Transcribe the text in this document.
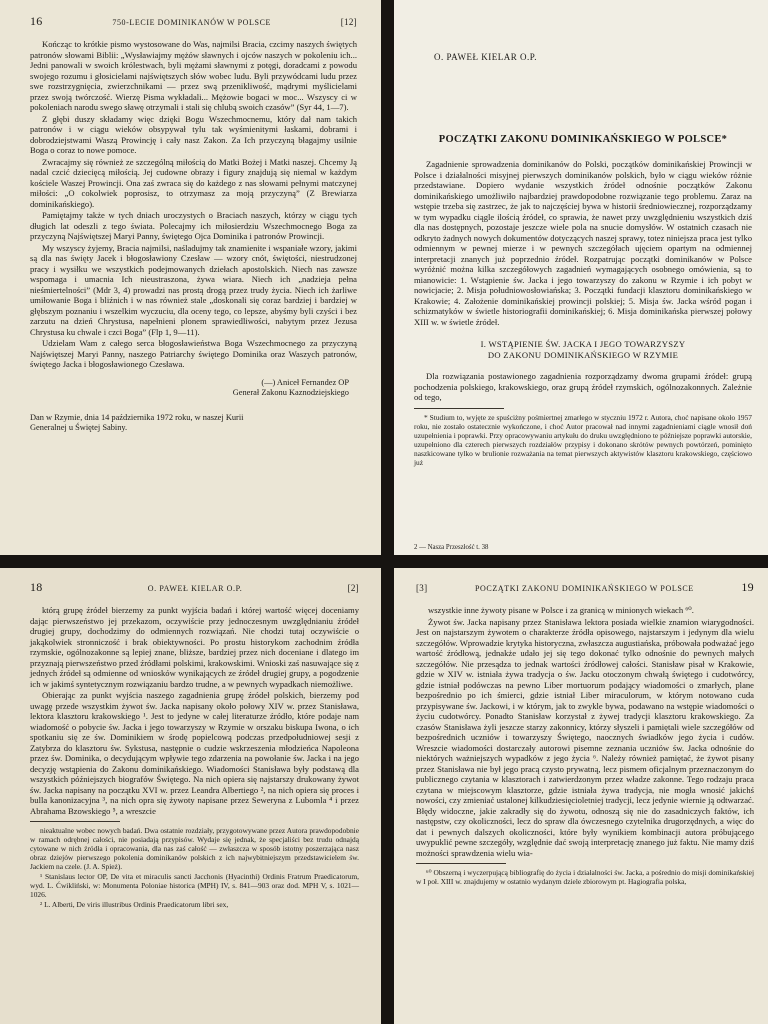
16	750-LECIE DOMINIKANÓW W POLSCE	[12]

Kończąc to krótkie pismo wystosowane do Was, najmilsi Bracia, czcimy naszych świętych patronów słowami Biblii: „Wysławiajmy mężów sławnych i ojców naszych w pokoleniu ich... Jedni panowali w swoich królestwach, byli mężami sławnymi z potęgi, doradcami z powodu swojego rozumu i głosicielami najświętszych słów wobec ludu. Byli przywódcami ludu przez swe rozstrzygnięcia, zwierzchnikami — przez swą przenikliwość, mądrymi myślicielami przez swoją twórczość. Wierzę Pisma wykładali... Mężowie bogaci w moc... Wszyscy ci w pokoleniach narodu swego sławę otrzymali i stali się chlubą swoich czasów” (Syr 44, 1—7).

Z głębi duszy składamy więc dzięki Bogu Wszechmocnemu, który dał nam takich patronów i w ciągu wieków obsypywał tylu tak wyśmienitymi łaskami, dobrami i dobrodziejstwami Waszą Prowincję i cały nasz Zakon. Za Ich przyczyną błagajmy usilnie Boga o coraz to nowe pomoce.

Zwracajmy się również ze szczególną miłością do Matki Bożej i Matki naszej. Chcemy Ją nadal czcić dziecięcą miłością. Jej cudowne obrazy i figury znajdują się niemal w każdym kościele Waszej Prowincji. Ona zaś zwraca się do każdego z nas słowami pełnymi matczynej miłości: „O cokolwiek poprosisz, to otrzymasz za moją przyczyną” (Z Brewiarza dominikańskiego).

Pamiętajmy także w tych dniach uroczystych o Braciach naszych, którzy w ciągu tych długich lat odeszli z tego świata. Polecajmy ich miłosierdziu Wszechmocnego Boga za przyczyną Najświętszej Maryi Panny, świętego Ojca Dominika i patronów Prowincji.

My wszyscy żyjemy, Bracia najmilsi, naśladujmy tak znamienite i wspaniałe wzory, jakimi są dla nas święty Jacek i błogosławiony Czesław — wzory cnót, świętości, niestrudzonej pracy i wysiłku we wszystkich podejmowanych dziełach apostolskich. Niech nas zawsze wspomaga i umacnia Ich nieustraszona, żywa wiara. Niech ich „nadzieja pełna nieśmiertelności” (Mdr 3, 4) prowadzi nas prostą drogą przez trudy życia. Niech ich żarliwe umiłowanie Boga i bliźnich i w nas również stale „doskonali się coraz bardziej i bardziej w głębszym poznaniu i wszelkim wyczuciu, dla oceny tego, co lepsze, abyśmy byli czyści i bez zarzutu na dzień Chrystusa, napełnieni plonem sprawiedliwości, nabytym przez Jezusa Chrystusa ku chwale i czci Boga” (Flp 1, 9—11).

Udzielam Wam z całego serca błogosławieństwa Boga Wszechmocnego za przyczyną Najświętszej Maryi Panny, naszego Patriarchy świętego Dominika oraz Waszych patronów, świętego Jacka i błogosławionego Czesława.

(—) Aniceł Fernandez OP
Generał Zakonu Kaznodziejskiego
Dan w Rzymie, dnia 14 października 1972 roku, w naszej Kurii Generalnej u Świętej Sabiny.
O. PAWEŁ KIELAR O.P.
POCZĄTKI ZAKONU DOMINIKAŃSKIEGO W POLSCE*

Zagadnienie sprowadzenia dominikanów do Polski, początków dominikańskiej Prowincji w Polsce i działalności misyjnej pierwszych dominikanów polskich, było w ciągu wieków różnie przedstawiane. Dopiero wydanie wszystkich źródeł odnośnie początków Zakonu dominikańskiego umożliwiło najbardziej prawdopodobne rozwiązanie tego problemu. Zaraz na wstępie trzeba się zastrzec, że jak to najczęściej bywa w historii średniowiecznej, rozporządzamy w tym wypadku ciągle ilością źródeł, co sprawia, że nawet przy uwzględnieniu wszystkich dziś dla nas dostępnych, pozostaje jeszcze wiele pola na snucie domysłów. W ostatnich czasach nie odkryto żadnych nowych dokumentów dotyczących naszej sprawy, totez niniejsza praca jest tylko odmiennym w pewnej mierze i w pewnych szczegółach ujęciem opartym na odmiennej interpretacji znanych już poprzednio źródeł. Rozpatrując początki dominikanów w Polsce wyróżnić można kilka szczegółowych zagadnień wymagających osobnego omówienia, są to mianowicie: 1. Wstąpienie św. Jacka i jego towarzyszy do zakonu w Rzymie i ich pobyt w nowicjacie; 2. Misja południowosłowiańska; 3. Początki fundacji klasztoru dominikańskiego w Krakowie; 4. Założenie dominikańskiej prowincji polskiej; 5. Misja św. Jacka wśród pogan i schizmatyków w świetle historiografii dominikańskiej; 6. Misja dominikańska pierwszej połowy XIII w. w świetle źródeł.

I. WSTĄPIENIE ŚW. JACKA I JEGO TOWARZYSZY
DO ZAKONU DOMINIKAŃSKIEGO W RZYMIE

Dla rozwiązania postawionego zagadnienia rozporządzamy dwoma grupami źródeł: grupą pochodzenia polskiego, krakowskiego, oraz grupą źródeł rzymskich, ogólnozakonnych. Zależnie od tego,

* Studium to, wyjęte ze spuściżny pośmiertnej zmarłego w styczniu 1972 r. Autora, choć napisane około 1957 roku, nie zostało ostatecznie wykończone, i choć Autor pracował nad innymi zagadnieniami ciągle wnosił doń uzupełnienia i poprawki. Przy opracowywaniu artykułu do druku uwzględniono te późniejsze poprawki autorskie, uzupełniono dla czterech pierwszych rozdziałów przypisy i dokonano skrótów pewnych powtórzeń, pominięto naszkicowane tylko w brulionie rozważania na temat pierwszych aktywistów klasztoru krakowskiego, częściowo już

2 — Nasza Przeszłość t. 38
18	O. PAWEŁ KIELAR O.P.	[2]

którą grupę źródeł bierzemy za punkt wyjścia badań i której wartość więcej doceniamy dając pierwszeństwo jej przekazom, oczywiście przy jednoczesnym uwzględnianiu źródeł drugiej grupy, dochodzimy do odmiennych rozwiązań. Nie chodzi tutaj oczywiście o jakąkolwiek stronniczość i brak obiektywności. Po prostu historykom zachodnim źródła rzymskie, ogólnozakonne są lepiej znane, bliższe, bardziej przez nich doceniane i dlatego im przyznają pierwszeństwo przed źródłami polskimi, krakowskimi. Wnioski zaś nasuwające się z jednych źródeł są odmienne od wniosków wynikających ze źródeł drugiej grupy, a pogodzenie ich w jakimś syntetycznym rozwiązaniu bardzo trudne, a w pewnych wypadkach niemożliwe.

Obierając za punkt wyjścia naszego zagadnienia grupę źródeł polskich, bierzemy pod uwagę przede wszystkim żywot św. Jacka napisany około połowy XIV w. przez Stanisława, lektora klasztoru krakowskiego ¹. Jest to jedyne w całej literaturze źródło, które podaje nam wiadomość o pobycie św. Jacka i jego towarzyszy w Rzymie w orszaku biskupa Iwona, o ich spotkaniu się ze św. Dominikiem w środę popielcową podczas przedpołudniowej sesji z Zatybrza do klasztoru św. Sykstusa, następnie o cudzie wskrzeszenia młodzieńca Napoleona przez św. Dominika, o decydującym wpływie tego zdarzenia na powołanie św. Jacka i na jego decyzję wstąpienia do Zakonu dominikańskiego. Wiadomości Stanisława były podstawą dla wszystkich późniejszych biografów Świętego. Na nich opiera się najstarszy drukowany żywot św. Jacka napisany na początku XVI w. przez Leandra Albertiego ², na nich opiera się proces i bulla kanonizacyjna ³, na nich opra się żywoty napisane przez Seweryna z Lubomla ⁴ i przez Abrahama Bzowskiego ⁵, a wreszcie

nieaktualne wobec nowych badań. Dwa ostatnie rozdziały, przygotowywane przez Autora prawdopodobnie w ramach odrębnej całości, nie posiadają przypisów. Wydaje się jednak, że specjaliści bez trudu odnajdą cytowane w nich źródła i opracowania, dla nas zaś całość — zwłaszcza w sposób istotny poszerzająca nasz obraz dziejów pierwszego pokolenia dominikanów polskich z ich najwybitniejszym przedstawicielem św. Jackiem na czele. (J. A. Spież).

¹ Stanislaus lector OP, De vita et miraculis sancti Jacchonis (Hyacinthi) Ordinis Fratrum Praedicatorum, wyd. L. Ćwikliński, w: Monumenta Poloniae historica (MPH) IV, s. 841—903 oraz dod. MPH V, s. 1021—1026.

² L. Alberti, De viris illustribus Ordinis Praedicatorum libri sex,

[3]	POCZĄTKI ZAKONU DOMINIKAŃSKIEGO W POLSCE	19

wszystkie inne żywoty pisane w Polsce i za granicą w minionych wiekach ⁶⁰.

Żywot św. Jacka napisany przez Stanisława lektora posiada wielkie znamion wiarygodności. Jest on najstarszym żywotem o charakterze źródła opisowego, najstarszym i jedynym dla wielu szczegółów. Wprowadzie krytyka historyczna, zwłaszcza augustiańska, próbowała podważać jego wartość źródłową, jednakże udało jej się tego dokonać tylko odnośnie do pewnych małych szczegółów. Nie przesądza to jednak wartości źródłowej całości. Stanisław pisał w Krakowie, gdzie w XIV w. istniała żywa tradycja o św. Jacku otoczonym chwałą świętego i cudotwórcy, gdzie istniał podówczas na pewno Liber mortuorum podający wiadomości o zmarłych, plane bezpośrednio po ich śmierci, gdzie istniał Liber miraculorum, w którym notowano cuda przypisywane św. Jackowi, i w którym, jak to zwykle bywa, podawano na wstępie wiadomości o życiu cudotwórcy. Ponadto Stanisław korzystał z żywej tradycji klasztoru krakowskiego. Za czasów Stanisława żyli jeszcze starzy zakonnicy, którzy słyszeli i pamiętali wiele szczegółów od bezpośrednich uczniów i towarzyszy Świętego, naocznych świadków jego życia i cudów. Wreszcie wiadomości dostarczały autorowi pisemne zeznania uczniów św. Jacka odnośnie do niektórych ważniejszych wypadków z jego życia ⁶. Należy również pamiętać, że żywot pisany przez Stanisława nie był jego pracą czysto prywatną, lecz pismem oficjalnym przeznaczonym do publicznego czytania w klasztorach i zatwierdzonym przez władze zakonne. Tego rodzaju praca czytana w miejscowym klasztorze, gdzie istniała żywa tradycja, nie mogła wnosić jakichś nowości, czy zmieniać ustalonej kilkudziesięcioletniej tradycji, lecz jedynie wiernie ją odtwarzać. Błędy widoczne, jakie zakradły się do żywotu, odnoszą się nie do zasadniczych faktów, ich następstw, czy okoliczności, lecz do spraw dla ówczesnego czytelnika drugorzędnych, a więc do dat i pewnych dalszych okoliczności, które były wynikiem kombinacji autora próbującego uwypuklić pewne szczegóły, względnie dać swoją interpretację znanego już faktu. Nie mamy dziś możności sprawdzenia wielu wia-

⁶⁰ Obszerną i wyczerpującą bibliografię do życia i działalności św. Jacka, a pośrednio do misji dominikańskiej w I poł. XIII w. znajdujemy w ostatnio wydanym dziele zbiorowym pt. Hagiografia polska,
